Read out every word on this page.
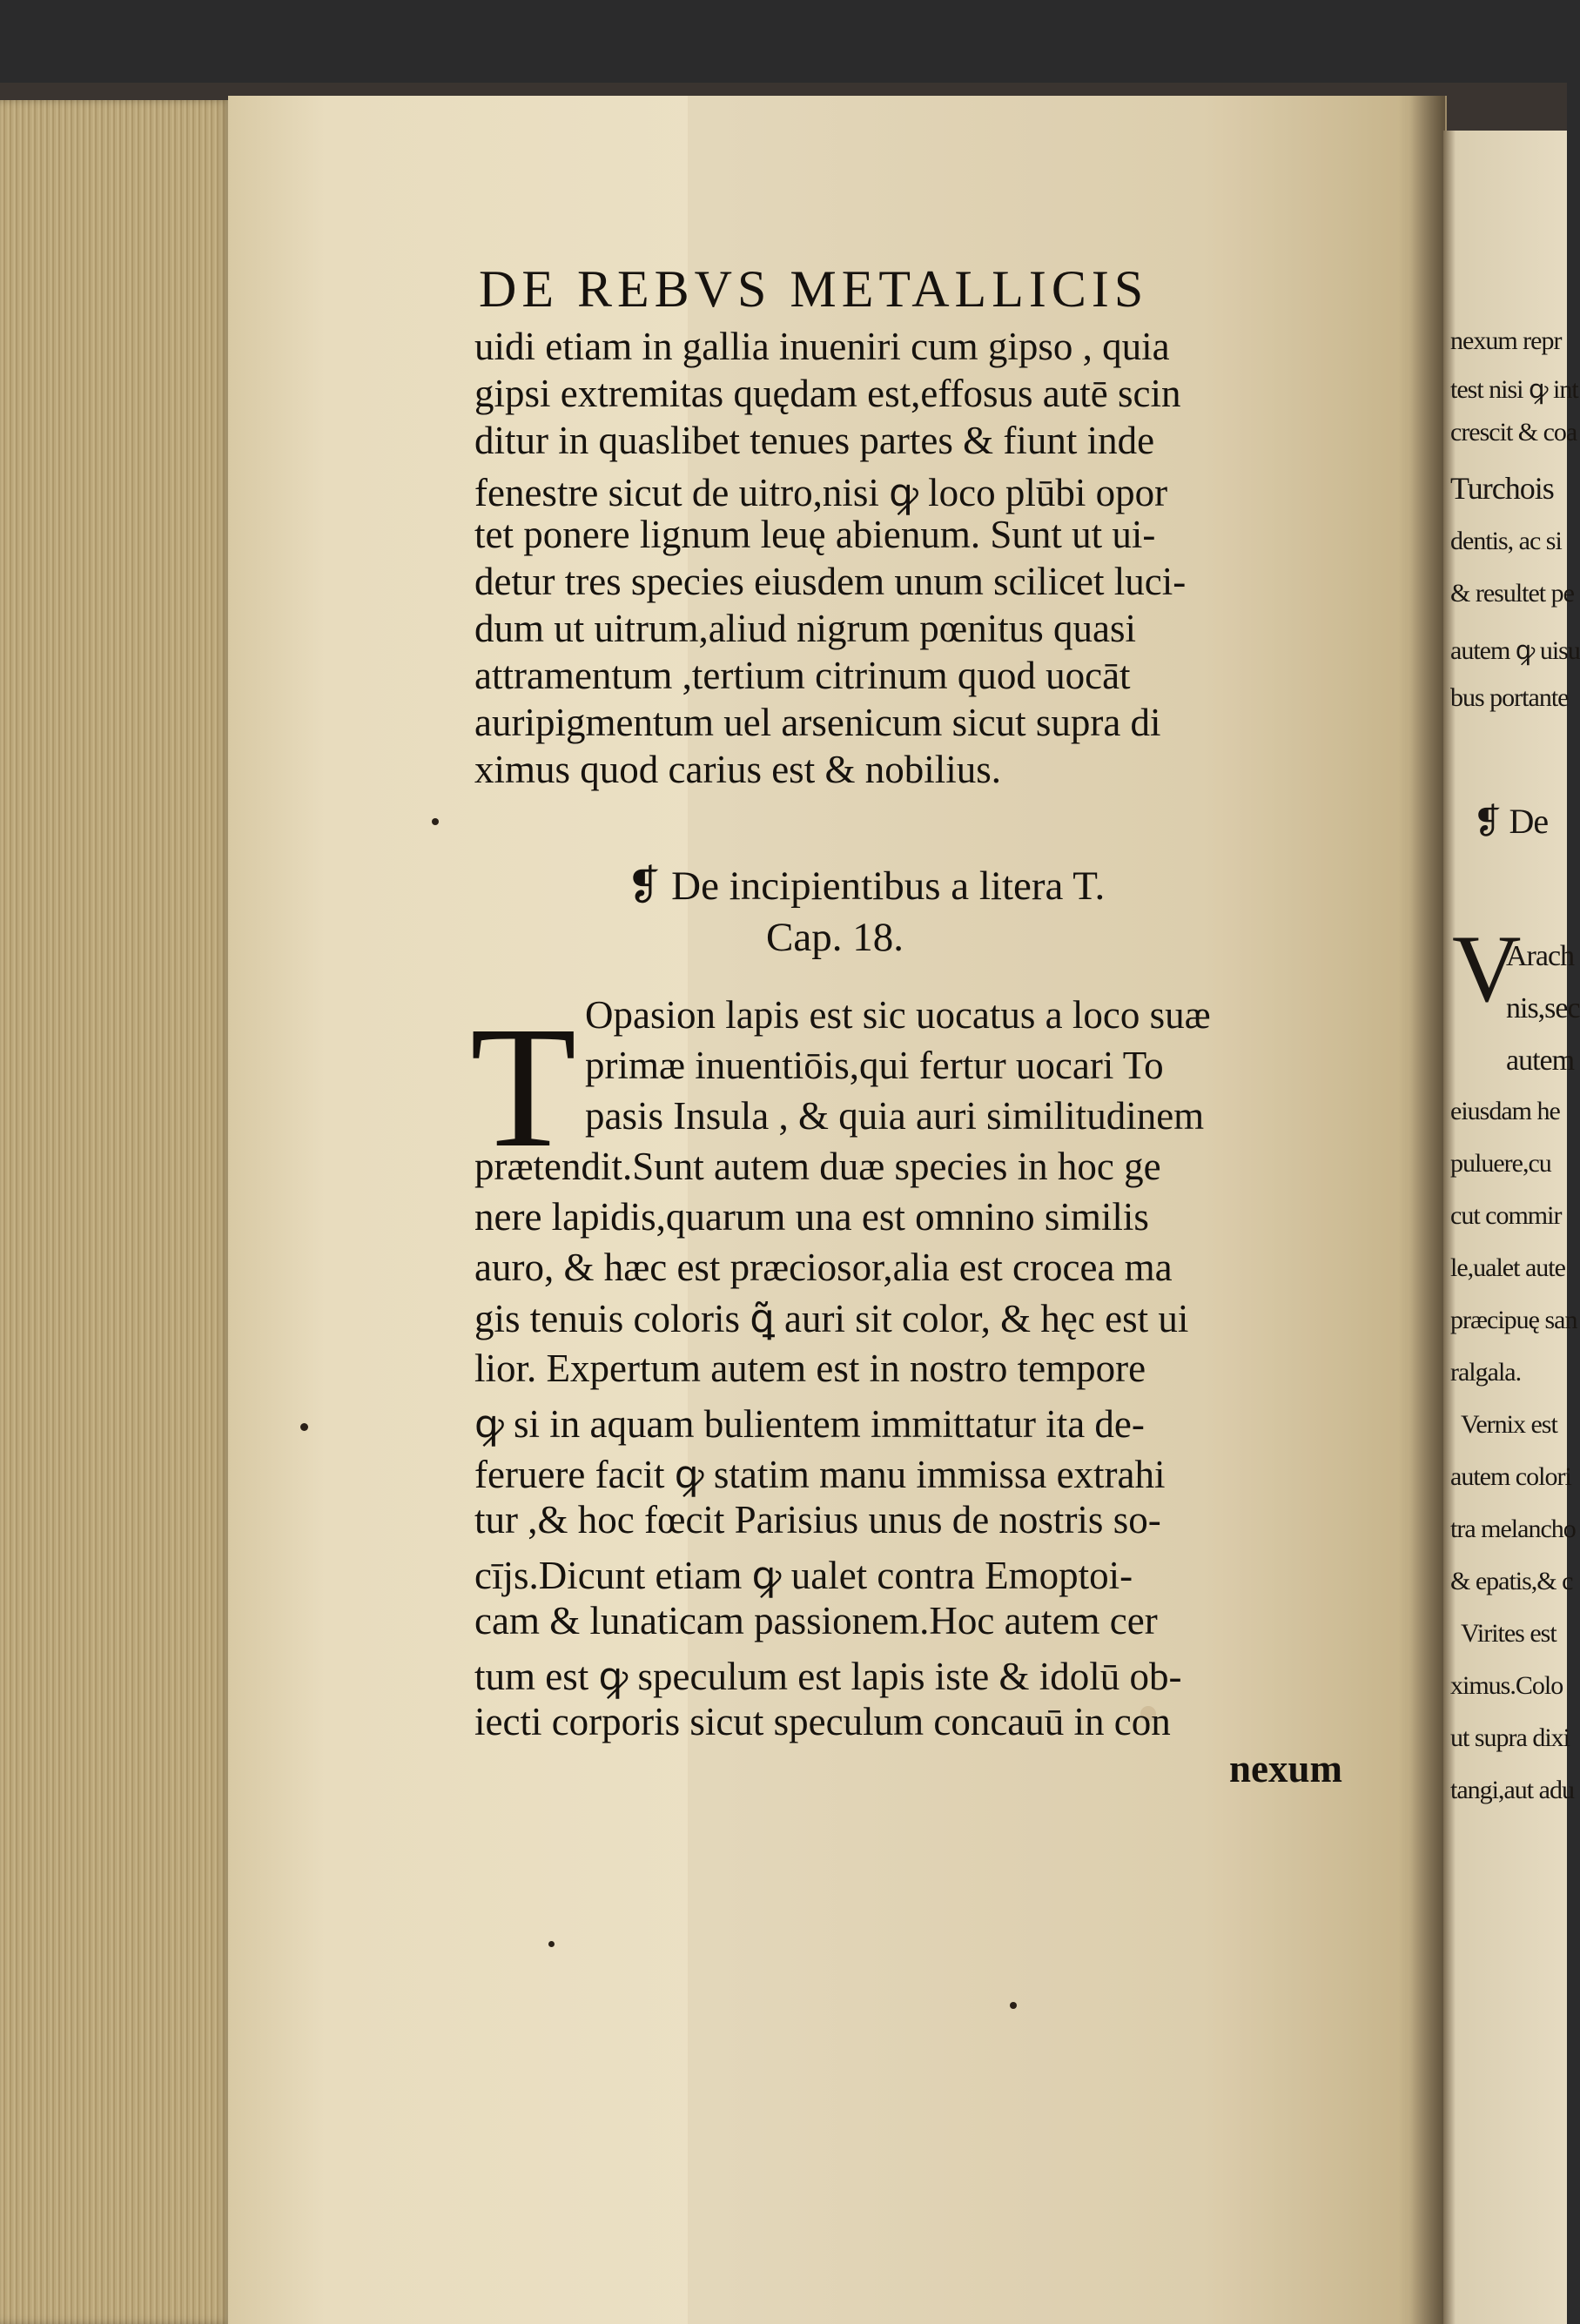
nexum repr
test nisi ꝙ int
crescit & coa
Turchois
dentis, ac si
& resultet pe
autem ꝙ uisu
bus portante
❡ De
V
Arach
nis,sec
autem
eiusdam he
puluere,cu
cut commir
le,ualet aute
præcipuę san
ralgala.
Vernix est
autem colori
tra melancho
& epatis,& c
Virites est
ximus.Colo
ut supra dixi
tangi,aut adu
DE REBVS METALLICIS
uidi etiam in gallia inueniri cum gipso , quia
gipsi extremitas quędam est,effosus autē scin
ditur in quaslibet tenues partes & fiunt inde
fenestre sicut de uitro,nisi ꝙ loco plūbi opor
tet ponere lignum leuę abienum. Sunt ut ui-
detur tres species eiusdem unum scilicet luci-
dum ut uitrum,aliud nigrum pœnitus quasi
attramentum ,tertium citrinum quod uocāt
auripigmentum uel arsenicum sicut supra di
ximus quod carius est & nobilius.
❡ De incipientibus a litera T.
Cap. 18.
T Opasion lapis est sic uocatus a loco suæ
primæ inuentiōis,qui fertur uocari To
pasis Insula , & quia auri similitudinem
prætendit.Sunt autem duæ species in hoc ge
nere lapidis,quarum una est omnino similis
auro, & hæc est præciosor,alia est crocea ma
gis tenuis coloris ꝗ̃ auri sit color, & hęc est ui
lior. Expertum autem est in nostro tempore
ꝙ si in aquam bulientem immittatur ita de-
feruere facit ꝙ statim manu immissa extrahi
tur ,& hoc fœcit Parisius unus de nostris so-
cījs.Dicunt etiam ꝙ ualet contra Emoptoi-
cam & lunaticam passionem.Hoc autem cer
tum est ꝙ speculum est lapis iste & idolū ob-
iecti corporis sicut speculum concauū in con
nexum
